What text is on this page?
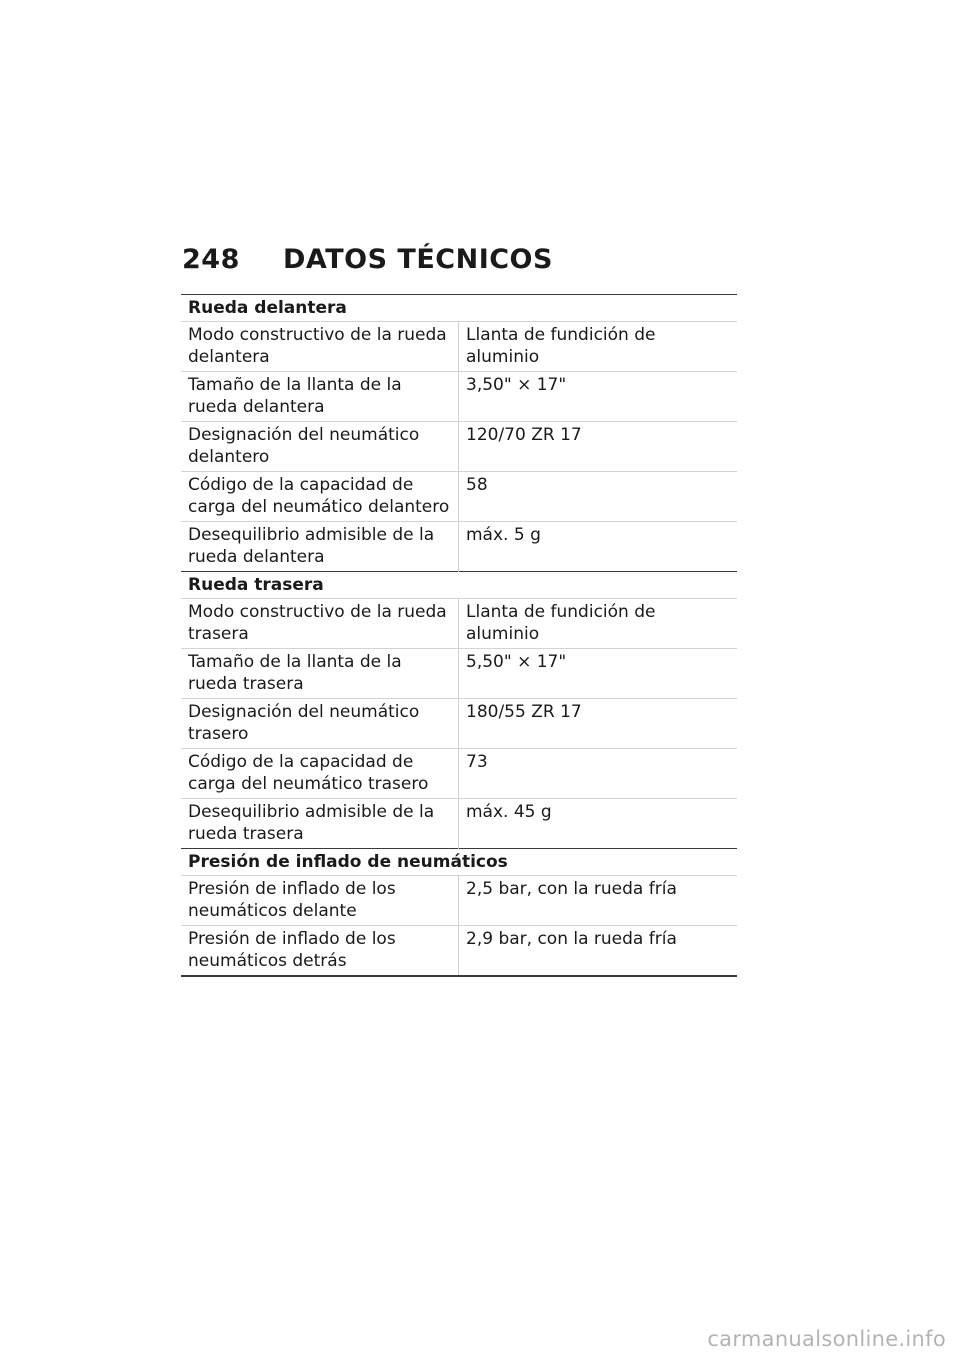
248	DATOS TÉCNICOS
Rueda delantera	
Modo constructivo de la rueda delantera	Llanta de fundición de aluminio
Tamaño de la llanta de la rueda delantera	3,50" × 17"
Designación del neumático delantero	120/70 ZR 17
Código de la capacidad de carga del neumático delantero	58
Desequilibrio admisible de la rueda delantera	máx. 5 g
Rueda trasera	
Modo constructivo de la rueda trasera	Llanta de fundición de aluminio
Tamaño de la llanta de la rueda trasera	5,50" × 17"
Designación del neumático trasero	180/55 ZR 17
Código de la capacidad de carga del neumático trasero	73
Desequilibrio admisible de la rueda trasera	máx. 45 g
Presión de inflado de neumáticos	
Presión de inflado de los neumáticos delante	2,5 bar, con la rueda fría
Presión de inflado de los neumáticos detrás	2,9 bar, con la rueda fría
carmanualsonline.info
